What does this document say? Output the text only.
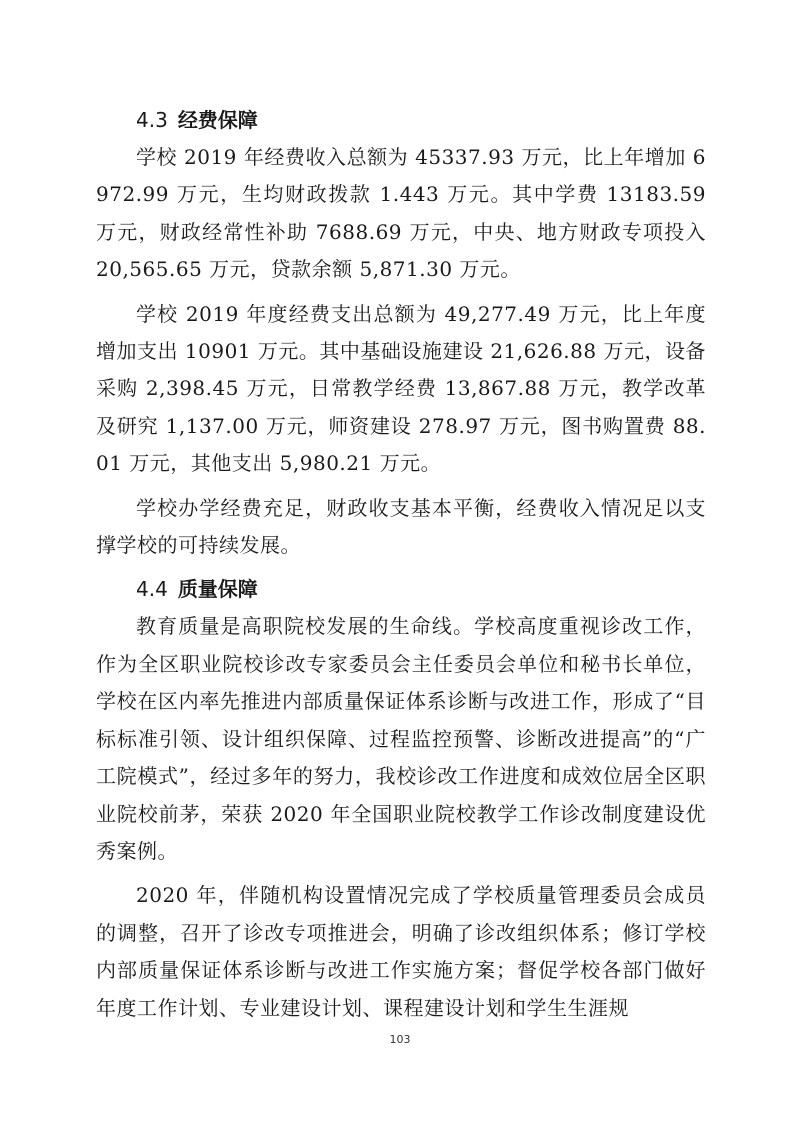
4.3 经费保障

学校 2019 年经费收入总额为 45337.93 万元，比上年增加 6972.99 万元，生均财政拨款 1.443 万元。其中学费 13183.59 万元，财政经常性补助 7688.69 万元，中央、地方财政专项投入 20,565.65 万元，贷款余额 5,871.30 万元。

学校 2019 年度经费支出总额为 49,277.49 万元，比上年度增加支出 10901 万元。其中基础设施建设 21,626.88 万元，设备采购 2,398.45 万元，日常教学经费 13,867.88 万元，教学改革及研究 1,137.00 万元，师资建设 278.97 万元，图书购置费 88.01 万元，其他支出 5,980.21 万元。

学校办学经费充足，财政收支基本平衡，经费收入情况足以支撑学校的可持续发展。

4.4 质量保障

教育质量是高职院校发展的生命线。学校高度重视诊改工作，作为全区职业院校诊改专家委员会主任委员会单位和秘书长单位，学校在区内率先推进内部质量保证体系诊断与改进工作，形成了“目标标准引领、设计组织保障、过程监控预警、诊断改进提高”的“广工院模式”，经过多年的努力，我校诊改工作进度和成效位居全区职业院校前茅，荣获 2020 年全国职业院校教学工作诊改制度建设优秀案例。

2020 年，伴随机构设置情况完成了学校质量管理委员会成员的调整，召开了诊改专项推进会，明确了诊改组织体系；修订学校内部质量保证体系诊断与改进工作实施方案；督促学校各部门做好年度工作计划、专业建设计划、课程建设计划和学生生涯规

103
